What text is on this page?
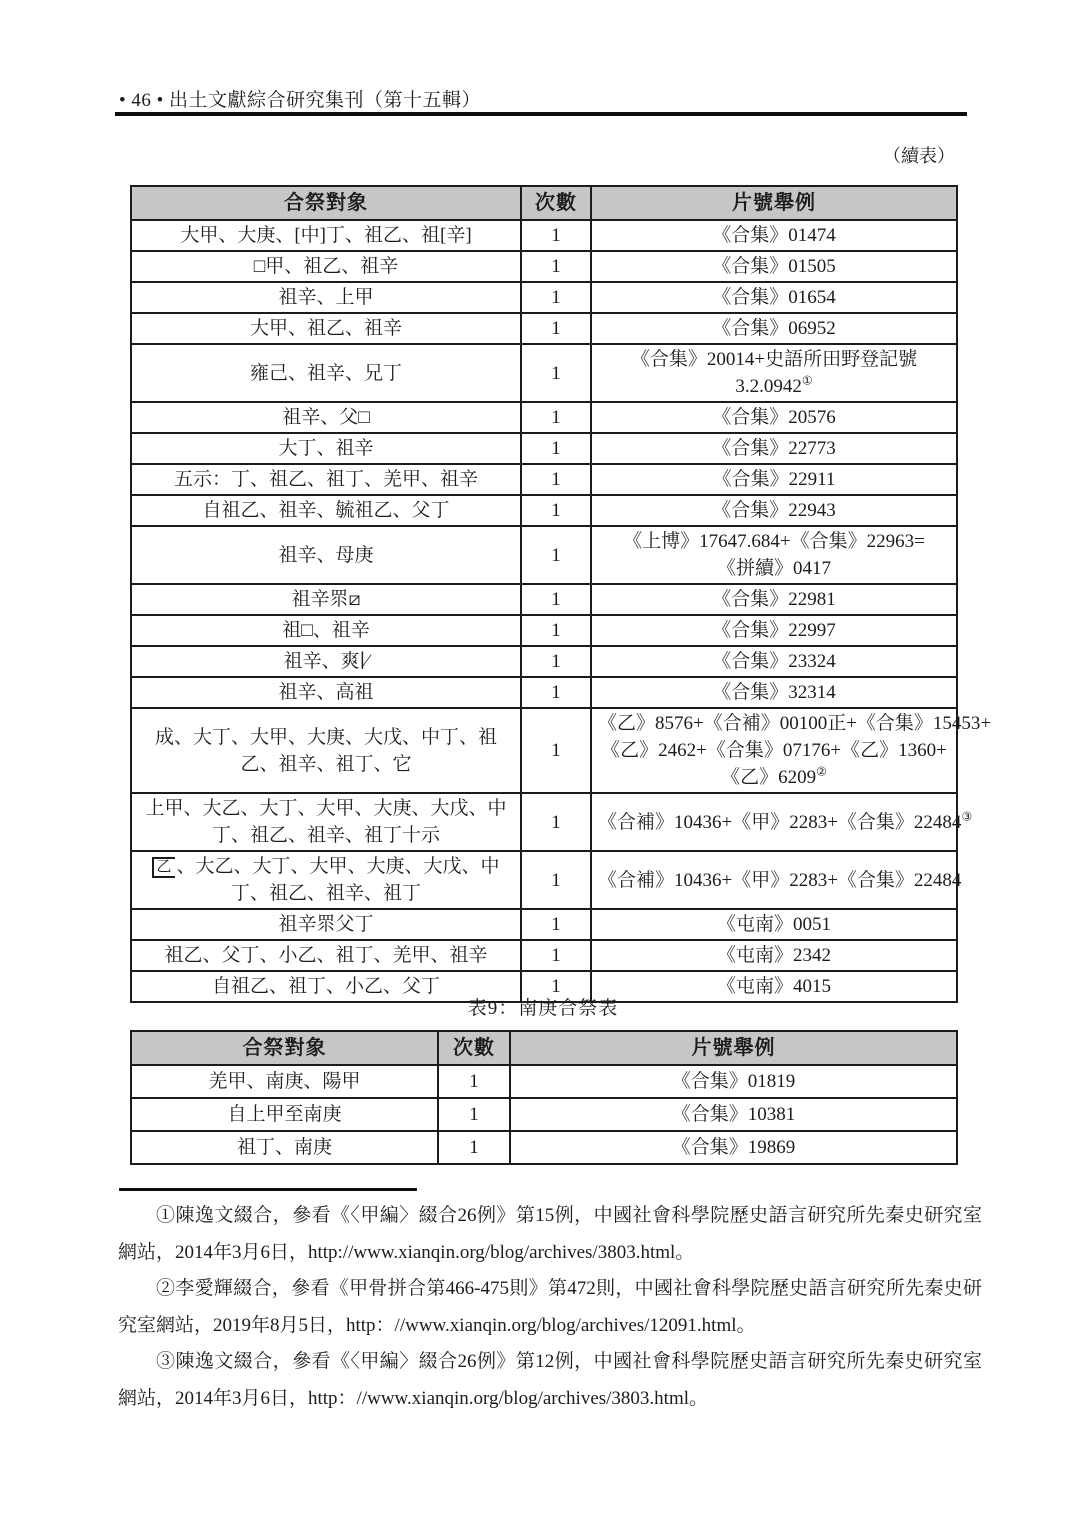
• 46 • 出土文獻綜合研究集刊（第十五輯）
（續表）
合祭對象	次數	片號舉例
大甲、大庚、[中]丁、祖乙、祖[辛]	1	《合集》01474

□甲、祖乙、祖辛	1	《合集》01505

祖辛、上甲	1	《合集》01654

大甲、祖乙、祖辛	1	《合集》06952

雍己、祖辛、兄丁	1	《合集》20014+史語所田野登記號
3.2.0942①

祖辛、父□	1	《合集》20576

大丁、祖辛	1	《合集》22773

五示：丁、祖乙、祖丁、羌甲、祖辛	1	《合集》22911

自祖乙、祖辛、毓祖乙、父丁	1	《合集》22943

祖辛、母庚	1	《上博》17647.684+《合集》22963=
《拼續》0417

祖辛眔⧄	1	《合集》22981

祖□、祖辛	1	《合集》22997

祖辛、爽∣∕	1	《合集》23324

祖辛、高祖	1	《合集》32314

成、大丁、大甲、大庚、大戊、中丁、祖乙、祖辛、祖丁、它	1	《乙》8576+《合補》00100正+《合集》15453+
《乙》2462+《合集》07176+《乙》1360+
《乙》6209②

上甲、大乙、大丁、大甲、大庚、大戊、中丁、祖乙、祖辛、祖丁十示	1	《合補》10436+《甲》2283+《合集》22484③

乙 、大乙、大丁、大甲、大庚、大戊、中丁、祖乙、祖辛、祖丁	1	《合補》10436+《甲》2283+《合集》22484

祖辛眔父丁	1	《屯南》0051

祖乙、父丁、小乙、祖丁、羌甲、祖辛	1	《屯南》2342

自祖乙、祖丁、小乙、父丁	1	《屯南》4015
表9：南庚合祭表
合祭對象	次數	片號舉例
羌甲、南庚、陽甲	1	《合集》01819

自上甲至南庚	1	《合集》10381

祖丁、南庚	1	《合集》19869

①陳逸文綴合，參看《〈甲編〉綴合26例》第15例，中國社會科學院歷史語言研究所先秦史研究室網站，2014年3月6日，http://www.xianqin.org/blog/archives/3803.html。

②李愛輝綴合，參看《甲骨拼合第466-475則》第472則，中國社會科學院歷史語言研究所先秦史研究室網站，2019年8月5日，http：//www.xianqin.org/blog/archives/12091.html。

③陳逸文綴合，參看《〈甲編〉綴合26例》第12例，中國社會科學院歷史語言研究所先秦史研究室網站，2014年3月6日，http：//www.xianqin.org/blog/archives/3803.html。
